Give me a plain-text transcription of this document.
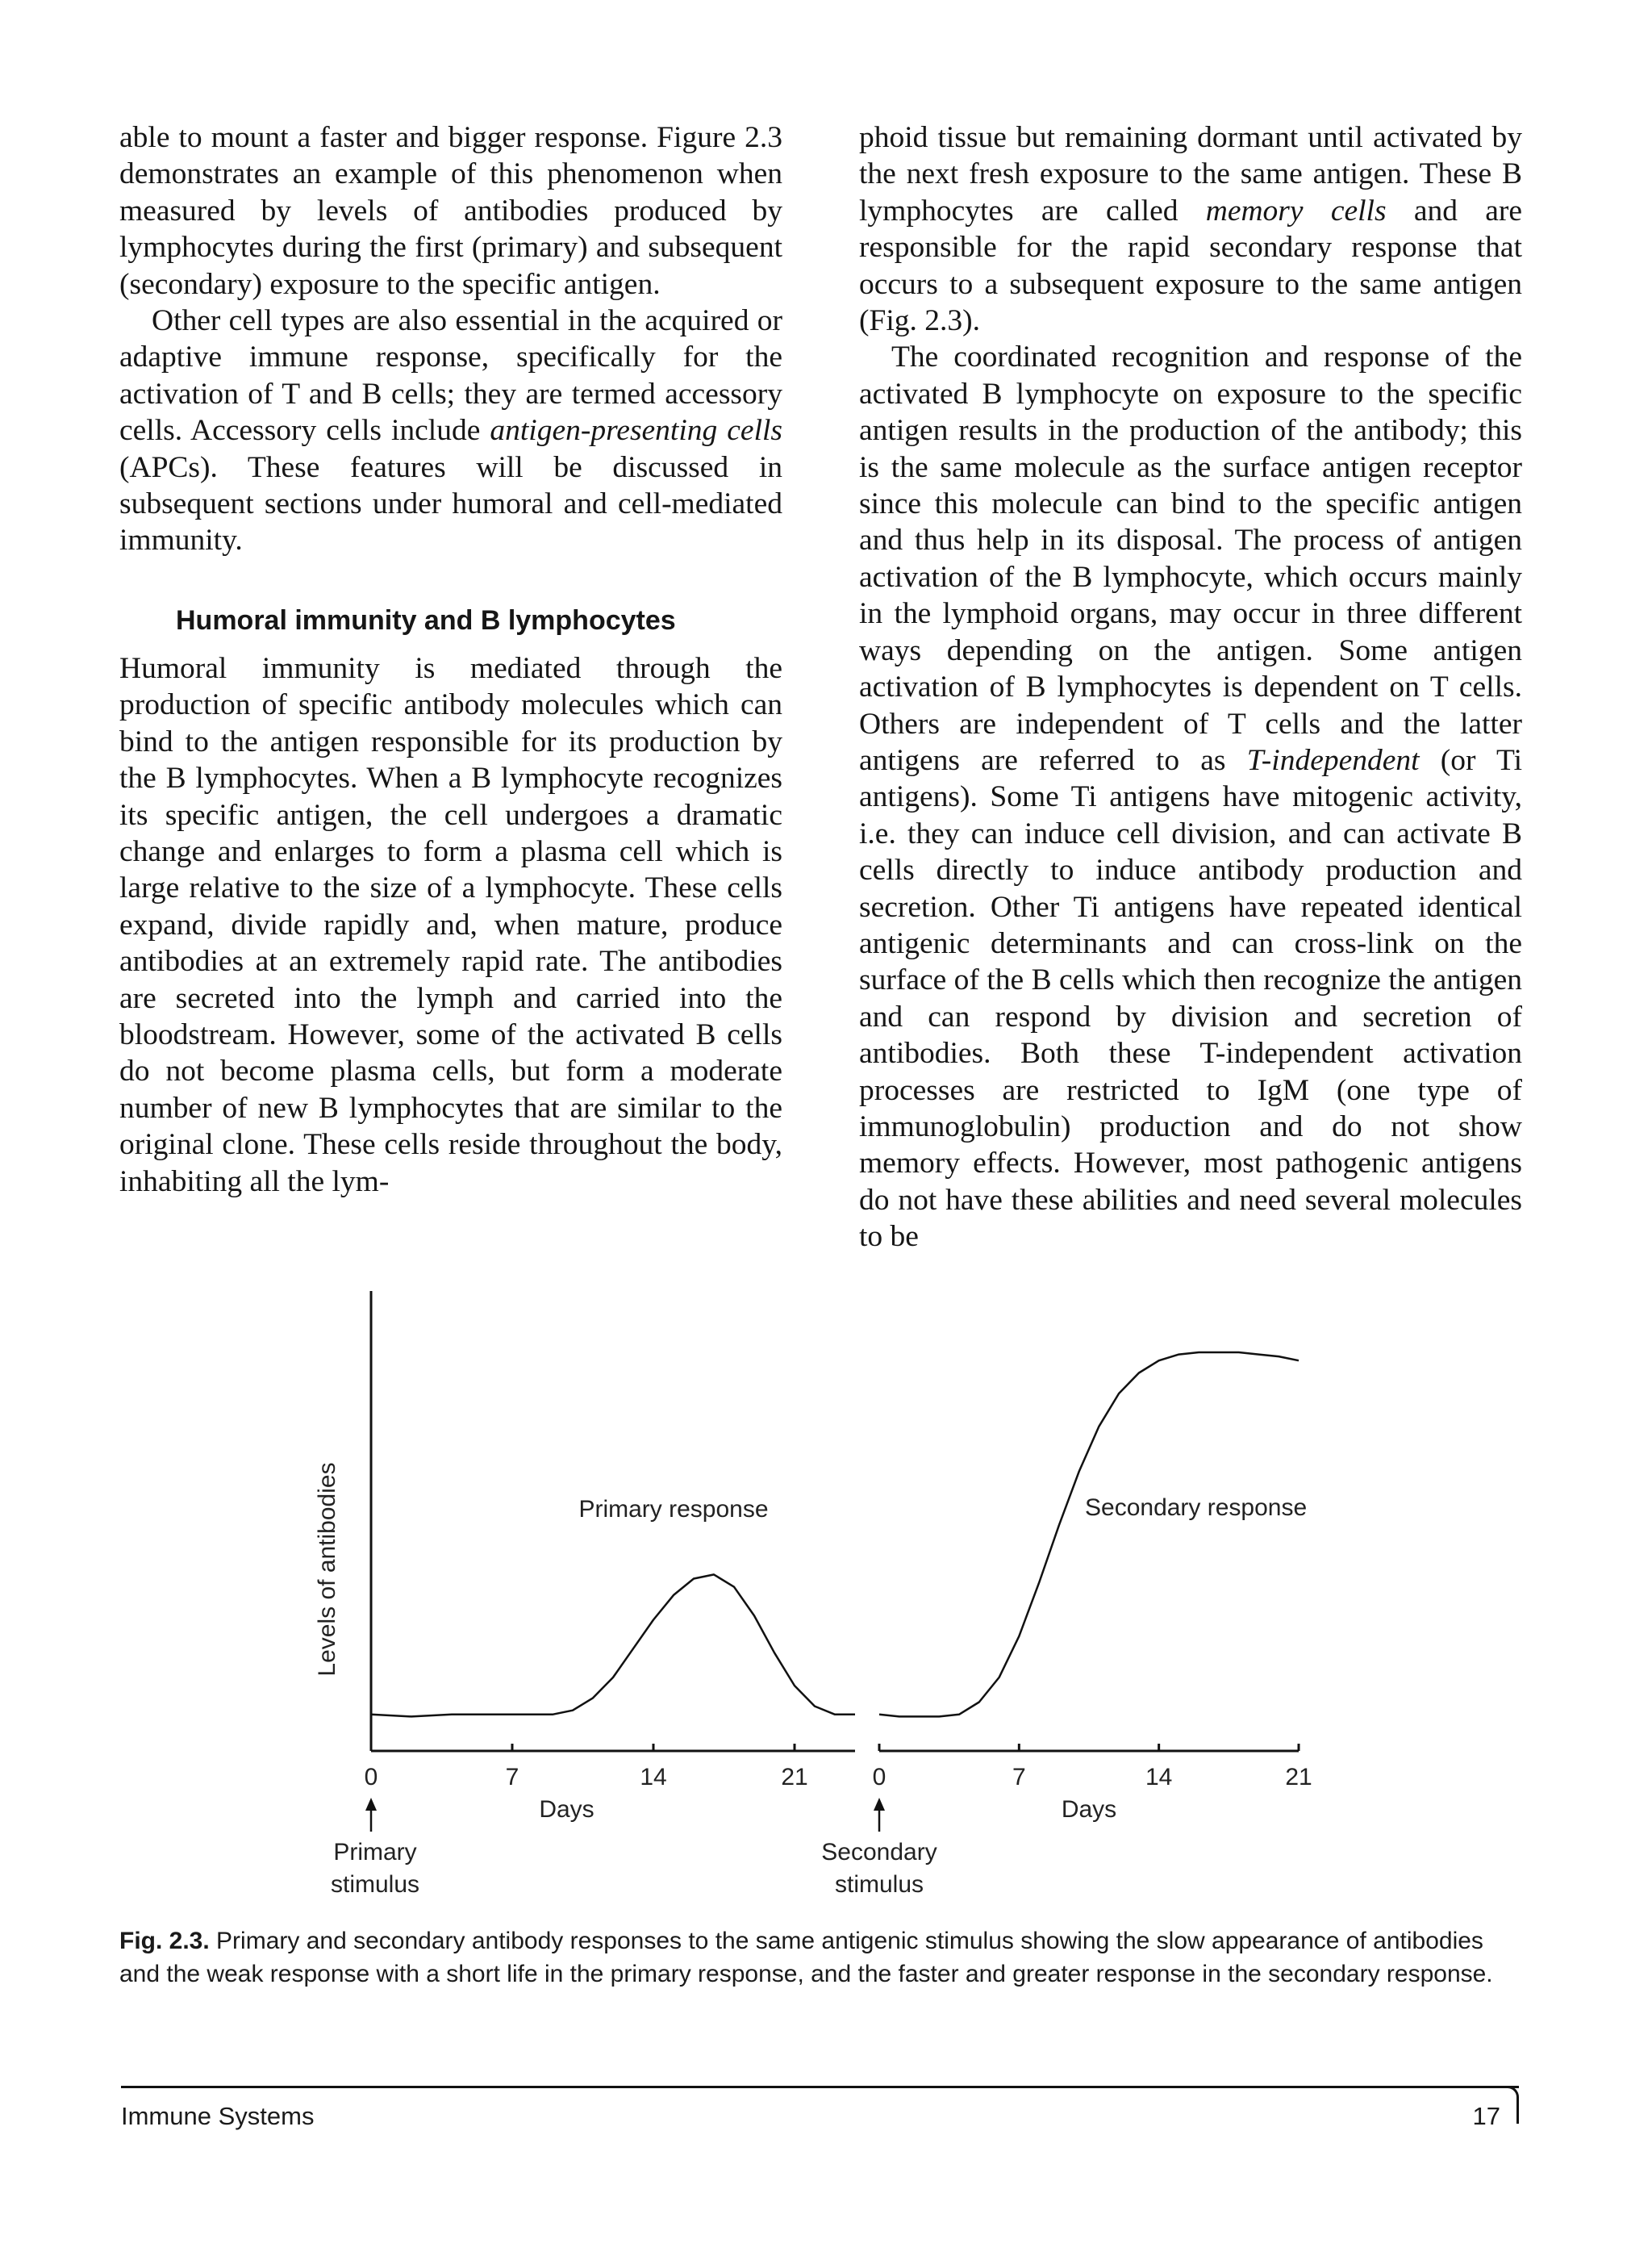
able to mount a faster and bigger response. Figure 2.3 demonstrates an example of this phenomenon when measured by levels of antibodies produced by lymphocytes during the first (primary) and subsequent (secondary) exposure to the specific antigen.

Other cell types are also essential in the acquired or adaptive immune response, specifically for the activation of T and B cells; they are termed accessory cells. Accessory cells include antigen-presenting cells (APCs). These features will be discussed in subsequent sections under humoral and cell-mediated immunity.

Humoral immunity and B lymphocytes

Humoral immunity is mediated through the production of specific antibody molecules which can bind to the antigen responsible for its production by the B lymphocytes. When a B lymphocyte recognizes its specific antigen, the cell undergoes a dramatic change and enlarges to form a plasma cell which is large relative to the size of a lymphocyte. These cells expand, divide rapidly and, when mature, produce antibodies at an extremely rapid rate. The antibodies are secreted into the lymph and carried into the bloodstream. However, some of the activated B cells do not become plasma cells, but form a moderate number of new B lymphocytes that are similar to the original clone. These cells reside throughout the body, inhabiting all the lym-

phoid tissue but remaining dormant until activated by the next fresh exposure to the same antigen. These B lymphocytes are called memory cells and are responsible for the rapid secondary response that occurs to a subsequent exposure to the same antigen (Fig. 2.3).

The coordinated recognition and response of the activated B lymphocyte on exposure to the specific antigen results in the production of the antibody; this is the same molecule as the surface antigen receptor since this molecule can bind to the specific antigen and thus help in its disposal. The process of antigen activation of the B lymphocyte, which occurs mainly in the lymphoid organs, may occur in three different ways depending on the antigen. Some antigen activation of B lymphocytes is dependent on T cells. Others are independent of T cells and the latter antigens are referred to as T-independent (or Ti antigens). Some Ti antigens have mitogenic activity, i.e. they can induce cell division, and can activate B cells directly to induce antibody production and secretion. Other Ti antigens have repeated identical antigenic determinants and can cross-link on the surface of the B cells which then recognize the antigen and can respond by division and secretion of antibodies. Both these T-independent activation processes are restricted to IgM (one type of immunoglobulin) production and do not show memory effects. However, most pathogenic antigens do not have these abilities and need several molecules to be

Levels of antibodies
0	7	14	21
Days
Primary
stimulus
Primary response
0	7	14	21
Days
Secondary
stimulus
Secondary response
Fig. 2.3. Primary and secondary antibody responses to the same antigenic stimulus showing the slow appearance of antibodies and the weak response with a short life in the primary response, and the faster and greater response in the secondary response.
Immune Systems	17
